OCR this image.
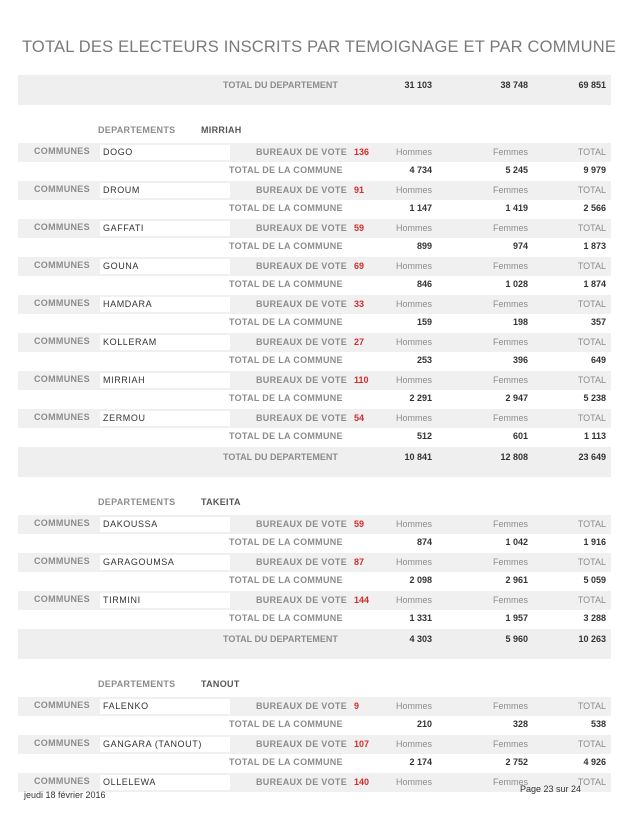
TOTAL DES ELECTEURS INSCRITS PAR TEMOIGNAGE ET PAR COMMUNE
TOTAL DU DEPARTEMENT	31 103	38 748	69 851
DEPARTEMENTS	MIRRIAH
COMMUNES DOGO	BUREAUX DE VOTE 136	Hommes	Femmes	TOTAL
TOTAL DE LA COMMUNE	4 734	5 245	9 979
COMMUNES DROUM	BUREAUX DE VOTE 91	Hommes	Femmes	TOTAL
TOTAL DE LA COMMUNE	1 147	1 419	2 566
COMMUNES GAFFATI	BUREAUX DE VOTE 59	Hommes	Femmes	TOTAL
TOTAL DE LA COMMUNE	899	974	1 873
COMMUNES GOUNA	BUREAUX DE VOTE 69	Hommes	Femmes	TOTAL
TOTAL DE LA COMMUNE	846	1 028	1 874
COMMUNES HAMDARA	BUREAUX DE VOTE 33	Hommes	Femmes	TOTAL
TOTAL DE LA COMMUNE	159	198	357
COMMUNES KOLLERAM	BUREAUX DE VOTE 27	Hommes	Femmes	TOTAL
TOTAL DE LA COMMUNE	253	396	649
COMMUNES MIRRIAH	BUREAUX DE VOTE 110	Hommes	Femmes	TOTAL
TOTAL DE LA COMMUNE	2 291	2 947	5 238
COMMUNES ZERMOU	BUREAUX DE VOTE 54	Hommes	Femmes	TOTAL
TOTAL DE LA COMMUNE	512	601	1 113
TOTAL DU DEPARTEMENT	10 841	12 808	23 649
DEPARTEMENTS	TAKEITA
COMMUNES DAKOUSSA	BUREAUX DE VOTE 59	Hommes	Femmes	TOTAL
TOTAL DE LA COMMUNE	874	1 042	1 916
COMMUNES GARAGOUMSA	BUREAUX DE VOTE 87	Hommes	Femmes	TOTAL
TOTAL DE LA COMMUNE	2 098	2 961	5 059
COMMUNES TIRMINI	BUREAUX DE VOTE 144	Hommes	Femmes	TOTAL
TOTAL DE LA COMMUNE	1 331	1 957	3 288
TOTAL DU DEPARTEMENT	4 303	5 960	10 263
DEPARTEMENTS	TANOUT
COMMUNES FALENKO	BUREAUX DE VOTE 9	Hommes	Femmes	TOTAL
TOTAL DE LA COMMUNE	210	328	538
COMMUNES GANGARA (TANOUT)	BUREAUX DE VOTE 107	Hommes	Femmes	TOTAL
TOTAL DE LA COMMUNE	2 174	2 752	4 926
COMMUNES OLLELEWA	BUREAUX DE VOTE 140	Hommes	Femmes	TOTAL
jeudi 18 février 2016
Page 23 sur 24
